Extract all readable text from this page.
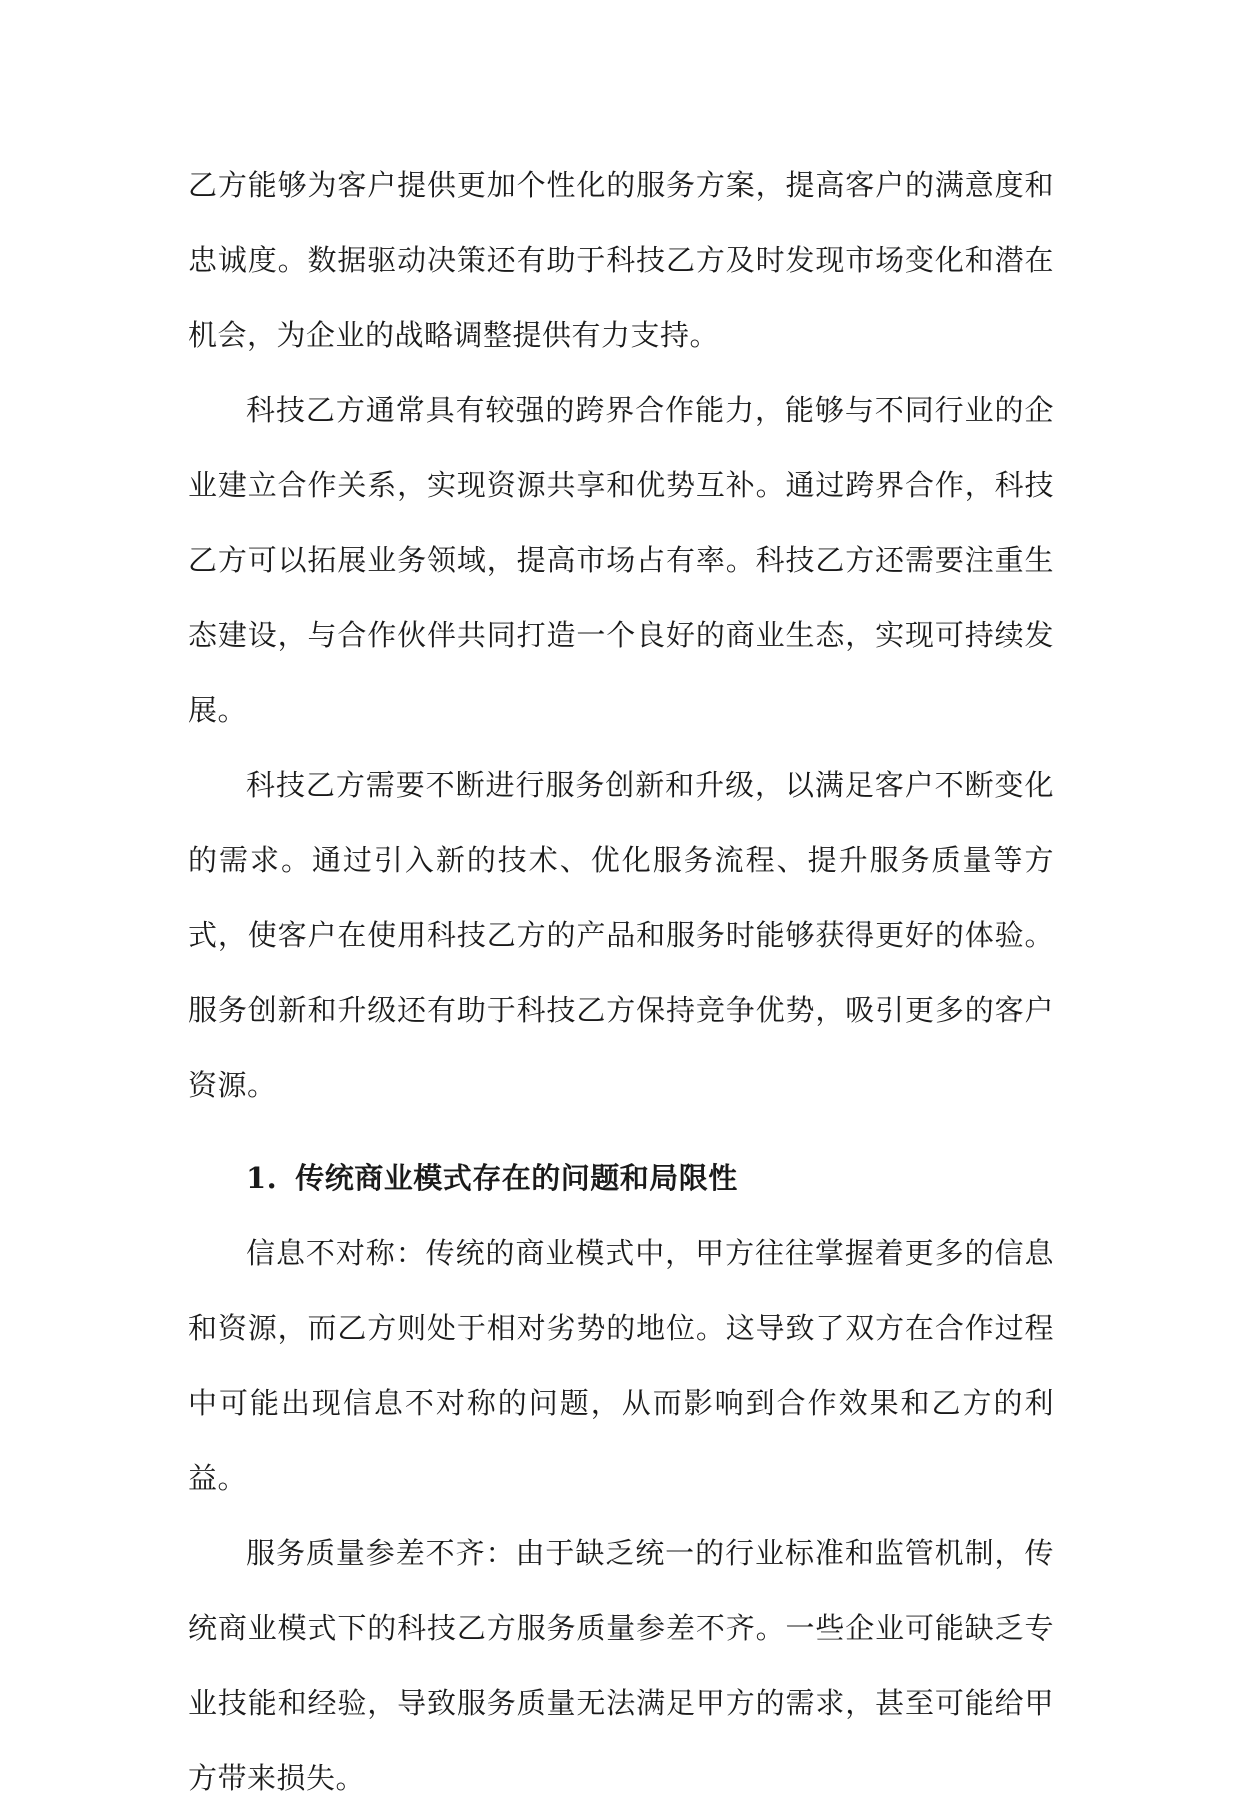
乙方能够为客户提供更加个性化的服务方案，提高客户的满意度和忠诚度。数据驱动决策还有助于科技乙方及时发现市场变化和潜在机会，为企业的战略调整提供有力支持。

科技乙方通常具有较强的跨界合作能力，能够与不同行业的企业建立合作关系，实现资源共享和优势互补。通过跨界合作，科技乙方可以拓展业务领域，提高市场占有率。科技乙方还需要注重生态建设，与合作伙伴共同打造一个良好的商业生态，实现可持续发展。

科技乙方需要不断进行服务创新和升级，以满足客户不断变化的需求。通过引入新的技术、优化服务流程、提升服务质量等方式，使客户在使用科技乙方的产品和服务时能够获得更好的体验。服务创新和升级还有助于科技乙方保持竞争优势，吸引更多的客户资源。

1. 传统商业模式存在的问题和局限性

信息不对称：传统的商业模式中，甲方往往掌握着更多的信息和资源，而乙方则处于相对劣势的地位。这导致了双方在合作过程中可能出现信息不对称的问题，从而影响到合作效果和乙方的利益。

服务质量参差不齐：由于缺乏统一的行业标准和监管机制，传统商业模式下的科技乙方服务质量参差不齐。一些企业可能缺乏专业技能和经验，导致服务质量无法满足甲方的需求，甚至可能给甲方带来损失。
